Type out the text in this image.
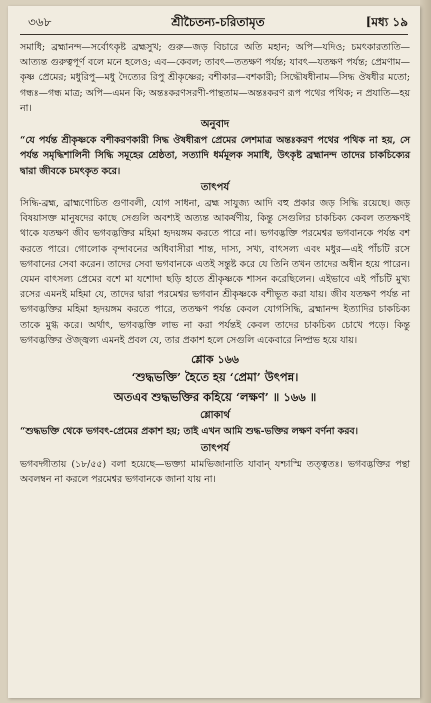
৩৬৮	শ্রীচৈতন্য-চরিতামৃত	[মধ্য ১৯

সমাধি; ব্রহ্মানন্দ—সর্বোৎকৃষ্ট ব্রহ্মসুখ; গুরু—জড় বিচারে অতি মহান; অপি—যদিও; চমৎকারতাতি—আত্যন্ত গুরুত্বপূর্ণ বলে মনে হলেও; এব—কেবল; তাবৎ—ততক্ষণ পর্যন্ত; যাবৎ—যতক্ষণ পর্যন্ত; প্রেমণাম—কৃষ্ণ প্রেমের; মধুরিপু—মধু দৈত্যের রিপু শ্রীকৃষ্ণের; বশীকার—বশকারী; সিদ্ধৌষধীনাম—সিদ্ধ ঔষধীর মতো; গন্ধঃ—গন্ধ মাত্র; অপি—এমন কি; অন্তঃকরণসরণী-পান্থতাম—অন্তঃকরণ রূপ পথের পথিক; ন প্রযাতি—হয় না।

অনুবাদ

“যে পর্যন্ত শ্রীকৃষ্ণকে বশীকরণকারী সিদ্ধ ঔষধীরূপ প্রেমের লেশমাত্র অন্তঃকরণ পথের পথিক না হয়, সে পর্যন্ত সমৃদ্ধিশালিনী সিদ্ধি সমূহের শ্রেষ্ঠতা, সত্যাদি ধর্মমূলক সমাধি, উৎকৃষ্ট ব্রহ্মানন্দ তাদের চাকচিক্যের দ্বারা জীবকে চমৎকৃত করে।

তাৎপর্য

সিদ্ধি-ব্রহ্ম, ব্রাহ্মণোচিত গুণাবলী, যোগ সাধনা, ব্রহ্ম সাযুজ্য আদি বহু প্রকার জড় সিদ্ধি রয়েছে। জড় বিষয়াসক্ত মানুষদের কাছে সেগুলি অবশ্যই অত্যন্ত আকর্ষণীয়, কিন্তু সেগুলির চাকচিক্য কেবল ততক্ষণই থাকে যতক্ষণ জীব ভগবদ্ভক্তির মহিমা হৃদয়ঙ্গম করতে পারে না। ভগবদ্ভক্তি পরমেশ্বর ভগবানকে পর্যন্ত বশ করতে পারে। গোলোক বৃন্দাবনের অধিবাসীরা শান্ত, দাস্য, সখ্য, বাৎসল্য এবং মধুর—এই পাঁচটি রসে ভগবানের সেবা করেন। তাদের সেবা ভগবানকে এতই সন্তুষ্ট করে যে তিনি তখন তাদের অধীন হয়ে পারেন। যেমন বাৎসল্য প্রেমের বশে মা যশোদা ছড়ি হাতে শ্রীকৃষ্ণকে শাসন করেছিলেন। এইভাবে এই পাঁচটি মুখ্য রসের এমনই মহিমা যে, তাদের দ্বারা পরমেশ্বর ভগবান শ্রীকৃষ্ণকে বশীভূত করা যায়। জীব যতক্ষণ পর্যন্ত না ভগবদ্ভক্তির মহিমা হৃদয়ঙ্গম করতে পারে, ততক্ষণ পর্যন্ত কেবল যোগসিদ্ধি, ব্রহ্মানন্দ ইত্যাদির চাকচিক্য তাকে মুগ্ধ করে। অর্থাৎ, ভগবদ্ভক্তি লাভ না করা পর্যন্তই কেবল তাদের চাকচিক্য চোখে পড়ে। কিন্তু ভগবদ্ভক্তির ঔজ্জ্বল্য এমনই প্রবল যে, তার প্রকাশ হলে সেগুলি একেবারে নিষ্প্রভ হয়ে যায়।

শ্লোক ১৬৬

‘শুদ্ধভক্তি’ হৈতে হয় ‘প্রেমা’ উৎপন্ন।
অতএব শুদ্ধভক্তির কহিয়ে ‘লক্ষণ’ ॥ ১৬৬ ॥

শ্লোকার্থ

“শুদ্ধভক্তি থেকে ভগবৎ-প্রেমের প্রকাশ হয়; তাই এখন আমি শুদ্ধ-ভক্তির লক্ষণ বর্ণনা করব।

তাৎপর্য

ভগবদ্গীতায় (১৮/৫৫) বলা হয়েছে—ভক্ত্যা মামভিজানাতি যাবান্ যশ্চাস্মি তত্ত্বতঃ। ভগবদ্ভক্তির পন্থা অবলম্বন না করলে পরমেশ্বর ভগবানকে জানা যায় না।
